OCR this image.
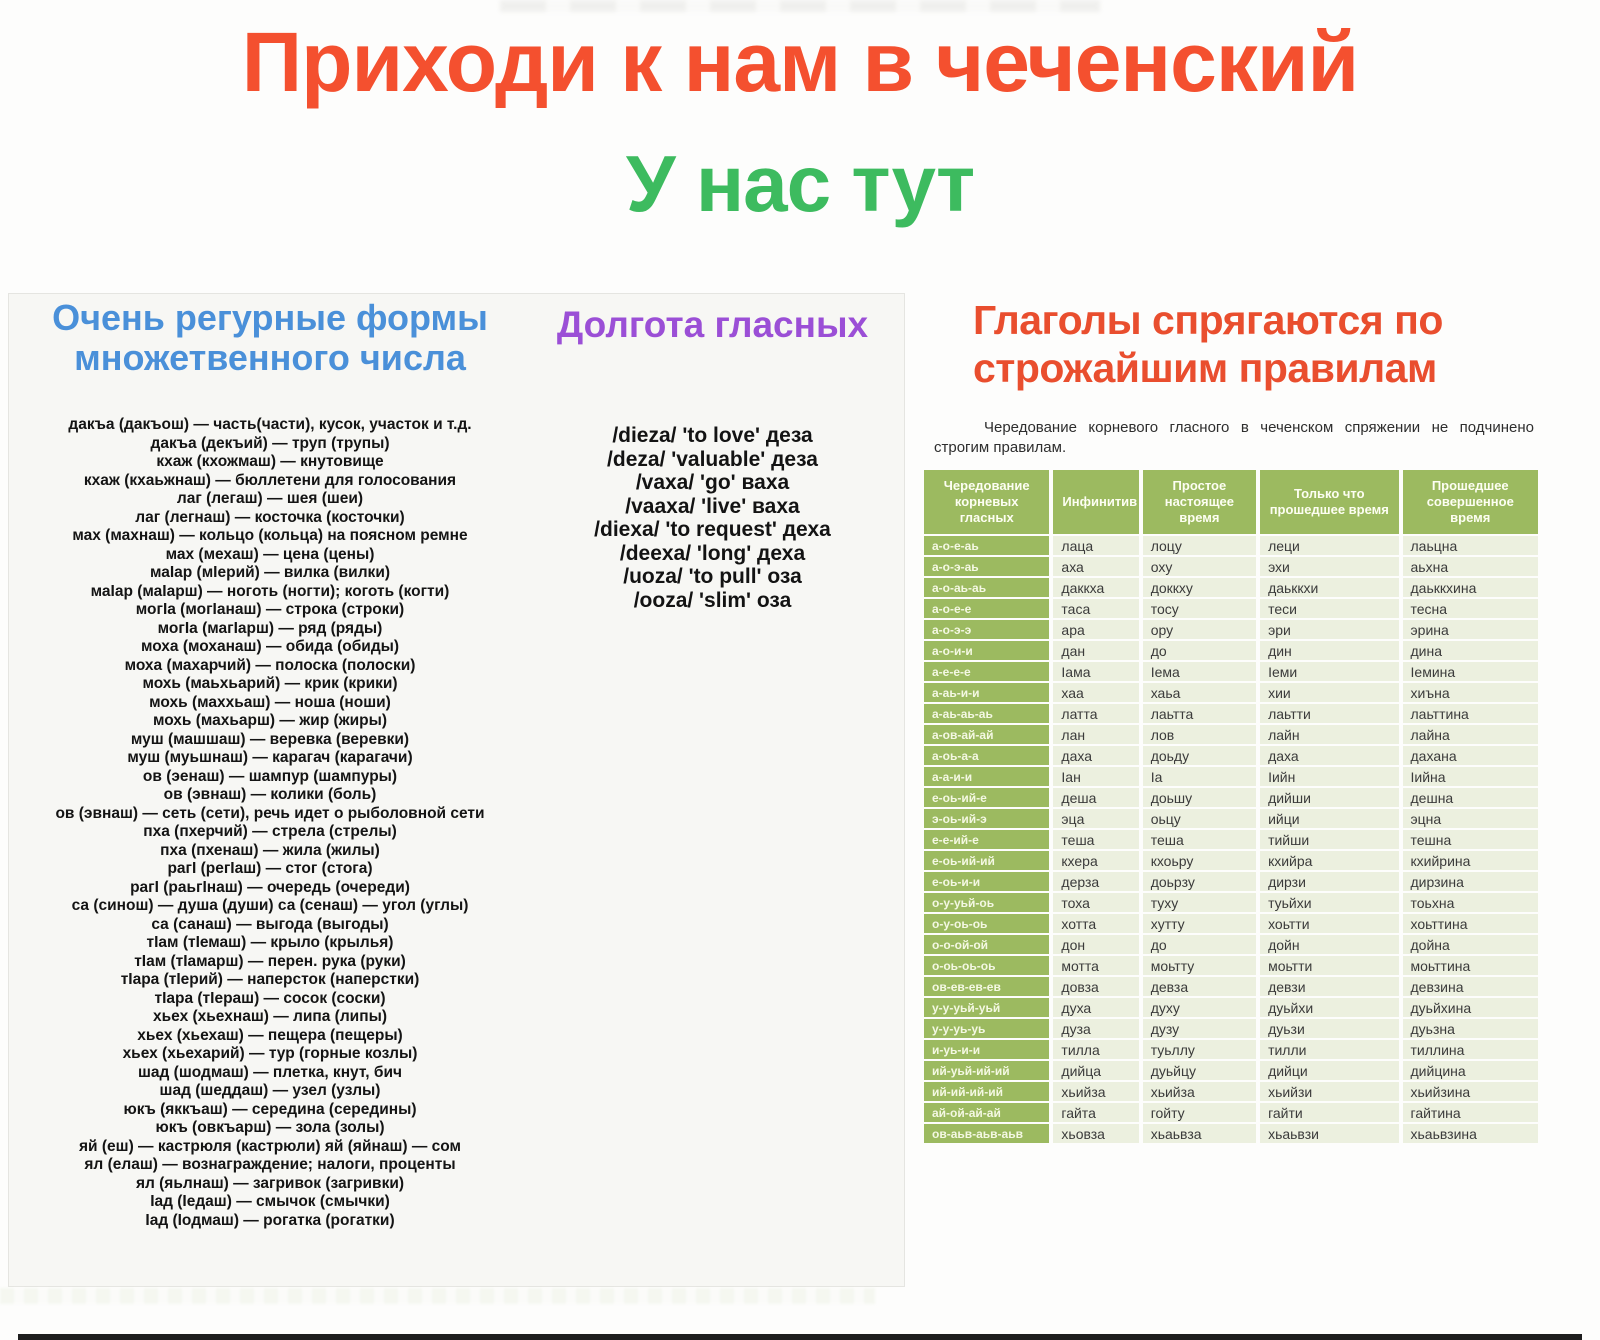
Приходи к нам в чеченский
У нас тут
Очень регурные формы множетвенного числа
дакъа (дакъош) — часть(части), кусок, участок и т.д.
дакъа (декъий) — труп (трупы)
кхаж (кхожмаш) — кнутовище
кхаж (кхаьжнаш) — бюллетени для голосования
лаг (легаш) — шея (шеи)
лаг (легнаш) — косточка (косточки)
мах (махнаш) — кольцо (кольца) на поясном ремне
мах (мехаш) — цена (цены)
маІар (мІерий) — вилка (вилки)
маІар (маІарш) — ноготь (ногти); коготь (когти)
могІа (могІанаш) — строка (строки)
могІа (магІарш) — ряд (ряды)
моха (моханаш) — обида (обиды)
моха (махарчий) — полоска (полоски)
мохь (маьхьарий) — крик (крики)
мохь (маххьаш) — ноша (ноши)
мохь (махьарш) — жир (жиры)
муш (машшаш) — веревка (веревки)
муш (муьшнаш) — карагач (карагачи)
ов (эенаш) — шампур (шампуры)
ов (эвнаш) — колики (боль)
ов (эвнаш) — сеть (сети), речь идет о рыболовной сети
пха (пхерчий) — стрела (стрелы)
пха (пхенаш) — жила (жилы)
рагІ (регІаш) — стог (стога)
рагІ (раьгІнаш) — очередь (очереди)
са (синош) — душа (души) са (сенаш) — угол (углы)
са (санаш) — выгода (выгоды)
тІам (тІемаш) — крыло (крылья)
тІам (тІамарш) — перен. рука (руки)
тІара (тІерий) — наперсток (наперстки)
тІара (тІераш) — сосок (соски)
хьех (хьехнаш) — липа (липы)
хьех (хьехаш) — пещера (пещеры)
хьех (хьехарий) — тур (горные козлы)
шад (шодмаш) — плетка, кнут, бич
шад (шеддаш) — узел (узлы)
юкъ (яккъаш) — середина (середины)
юкъ (овкъарш) — зола (золы)
яй (еш) — кастрюля (кастрюли) яй (яйнаш) — сом
ял (елаш) — вознаграждение; налоги, проценты
ял (яьлнаш) — загривок (загривки)
Іад (Іедаш) — смычок (смычки)
Іад (Іодмаш) — рогатка (рогатки)
Долгота гласных
/dieza/ 'to love' деза
/deza/ 'valuable' деза
/vaxa/ 'go' ваха
/vaaxa/ 'live' ваха
/diexa/ 'to request' деха
/deexa/ 'long' деха
/uoza/ 'to pull' оза
/ooza/ 'slim' оза
Глаголы спрягаются по строжайшим правилам

Чередование корневого гласного в чеченском спряжении не подчинено строгим правилам.

Чередование корневых гласных	Инфинитив	Простое настоящее время	Только что прошедшее время	Прошедшее совершенное время
а-о-е-аь	лаца	лоцу	леци	лаьцна
а-о-э-аь	аха	оху	эхи	аьхна
а-о-аь-аь	даккха	доккху	даьккхи	даьккхина
а-о-е-е	таса	тосу	теси	тесна
а-о-э-э	ара	ору	эри	эрина
а-о-и-и	дан	до	дин	дина
а-е-е-е	Іама	Іема	Іеми	Іемина
а-аь-и-и	хаа	хаьа	хии	хиъна
а-аь-аь-аь	латта	лаьтта	лаьтти	лаьттина
а-ов-ай-ай	лан	лов	лайн	лайна
а-оь-а-а	даха	доьду	даха	дахана
а-а-и-и	Іан	Іа	Іийн	Іийна
е-оь-ий-е	деша	доьшу	дийши	дешна
э-оь-ий-э	эца	оьцу	ийци	эцна
е-е-ий-е	теша	теша	тийши	тешна
е-оь-ий-ий	кхера	кхоьру	кхийра	кхийрина
е-оь-и-и	дерза	доьрзу	дирзи	дирзина
о-у-уьй-оь	тоха	туху	туьйхи	тоьхна
о-у-оь-оь	хотта	хутту	хоьтти	хоьттина
о-о-ой-ой	дон	до	дойн	дойна
о-оь-оь-оь	мотта	моьтту	моьтти	моьттина
ов-ев-ев-ев	довза	девза	девзи	девзина
у-у-уьй-уьй	духа	духу	дуьйхи	дуьйхина
у-у-уь-уь	дуза	дузу	дуьзи	дуьзна
и-уь-и-и	тилла	туьллу	тилли	тиллина
ий-уьй-ий-ий	дийца	дуьйцу	дийци	дийцина
ий-ий-ий-ий	хьийза	хьийза	хьийзи	хьийзина
ай-ой-ай-ай	гайта	гойту	гайти	гайтина
ов-аьв-аьв-аьв	хьовза	хьаьвза	хьаьвзи	хьаьвзина
